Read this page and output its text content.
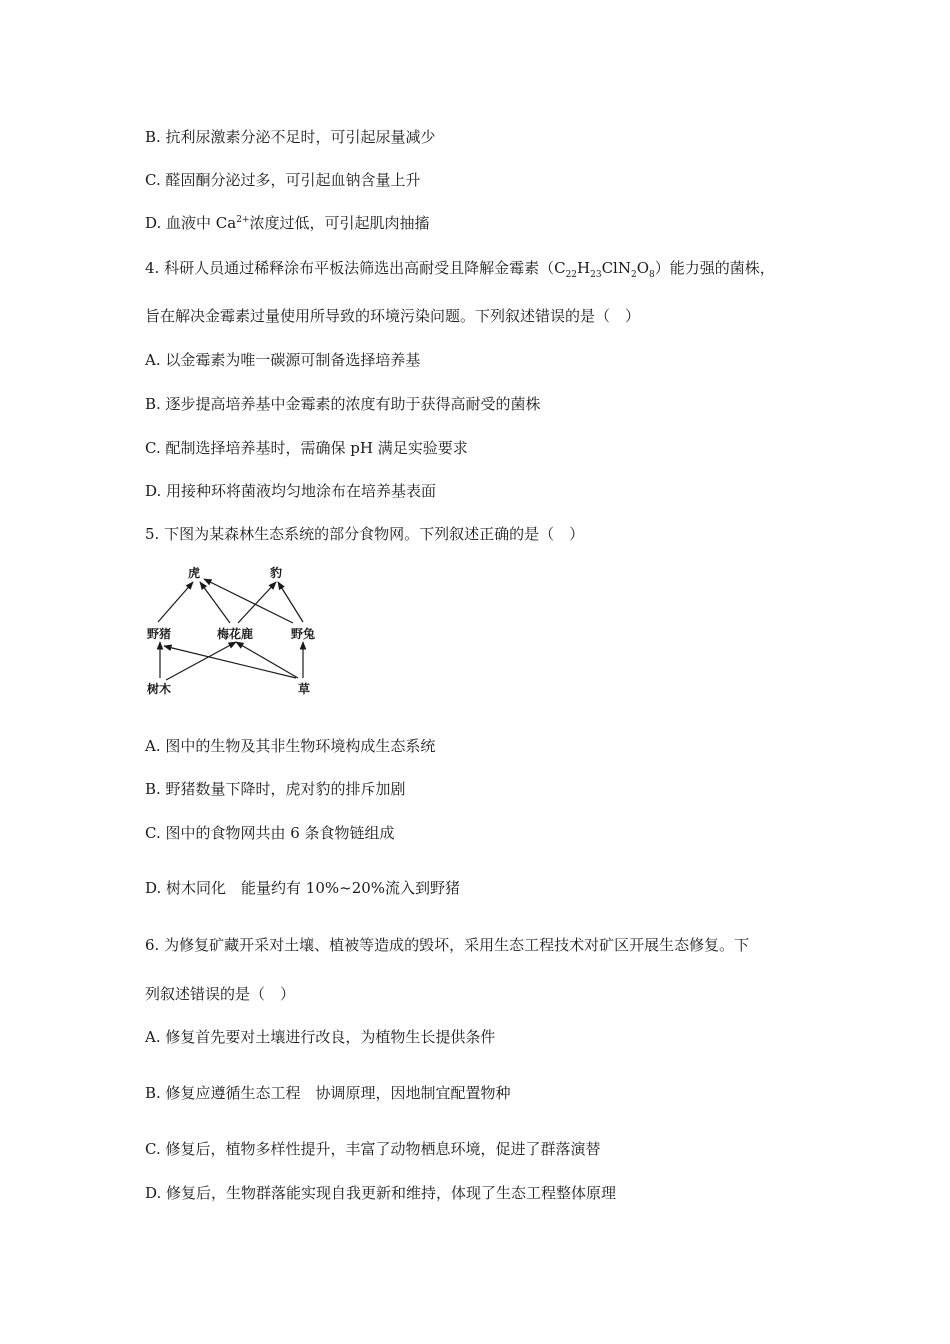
B. 抗利尿激素分泌不足时，可引起尿量减少
C. 醛固酮分泌过多，可引起血钠含量上升
D. 血液中 $Ca^{2+}$浓度过低，可引起肌肉抽搐
4. 科研人员通过稀释涂布平板法筛选出高耐受且降解金霉素$(C_{22}H_{23}ClN_2O_8)$能力强的菌株，
旨在解决金霉素过量使用所导致的环境污染问题。下列叙述错误的是（　）
A. 以金霉素为唯一碳源可制备选择培养基
B. 逐步提高培养基中金霉素的浓度有助于获得高耐受的菌株
C. 配制选择培养基时，需确保 pH 满足实验要求
D. 用接种环将菌液均匀地涂布在培养基表面
5. 下图为某森林生态系统的部分食物网。下列叙述正确的是（　）
虎	豹
野猪	梅花鹿	野兔
树木	草
A. 图中的生物及其非生物环境构成生态系统
B. 野猪数量下降时，虎对豹的排斥加剧
C. 图中的食物网共由 6 条食物链组成
D. 树木同化　能量约有 10%~20%流入到野猪
6. 为修复矿藏开采对土壤、植被等造成的毁坏，采用生态工程技术对矿区开展生态修复。下
列叙述错误的是（　）
A. 修复首先要对土壤进行改良，为植物生长提供条件
B. 修复应遵循生态工程　协调原理，因地制宜配置物种
C. 修复后，植物多样性提升，丰富了动物栖息环境，促进了群落演替
D. 修复后，生物群落能实现自我更新和维持，体现了生态工程整体原理
